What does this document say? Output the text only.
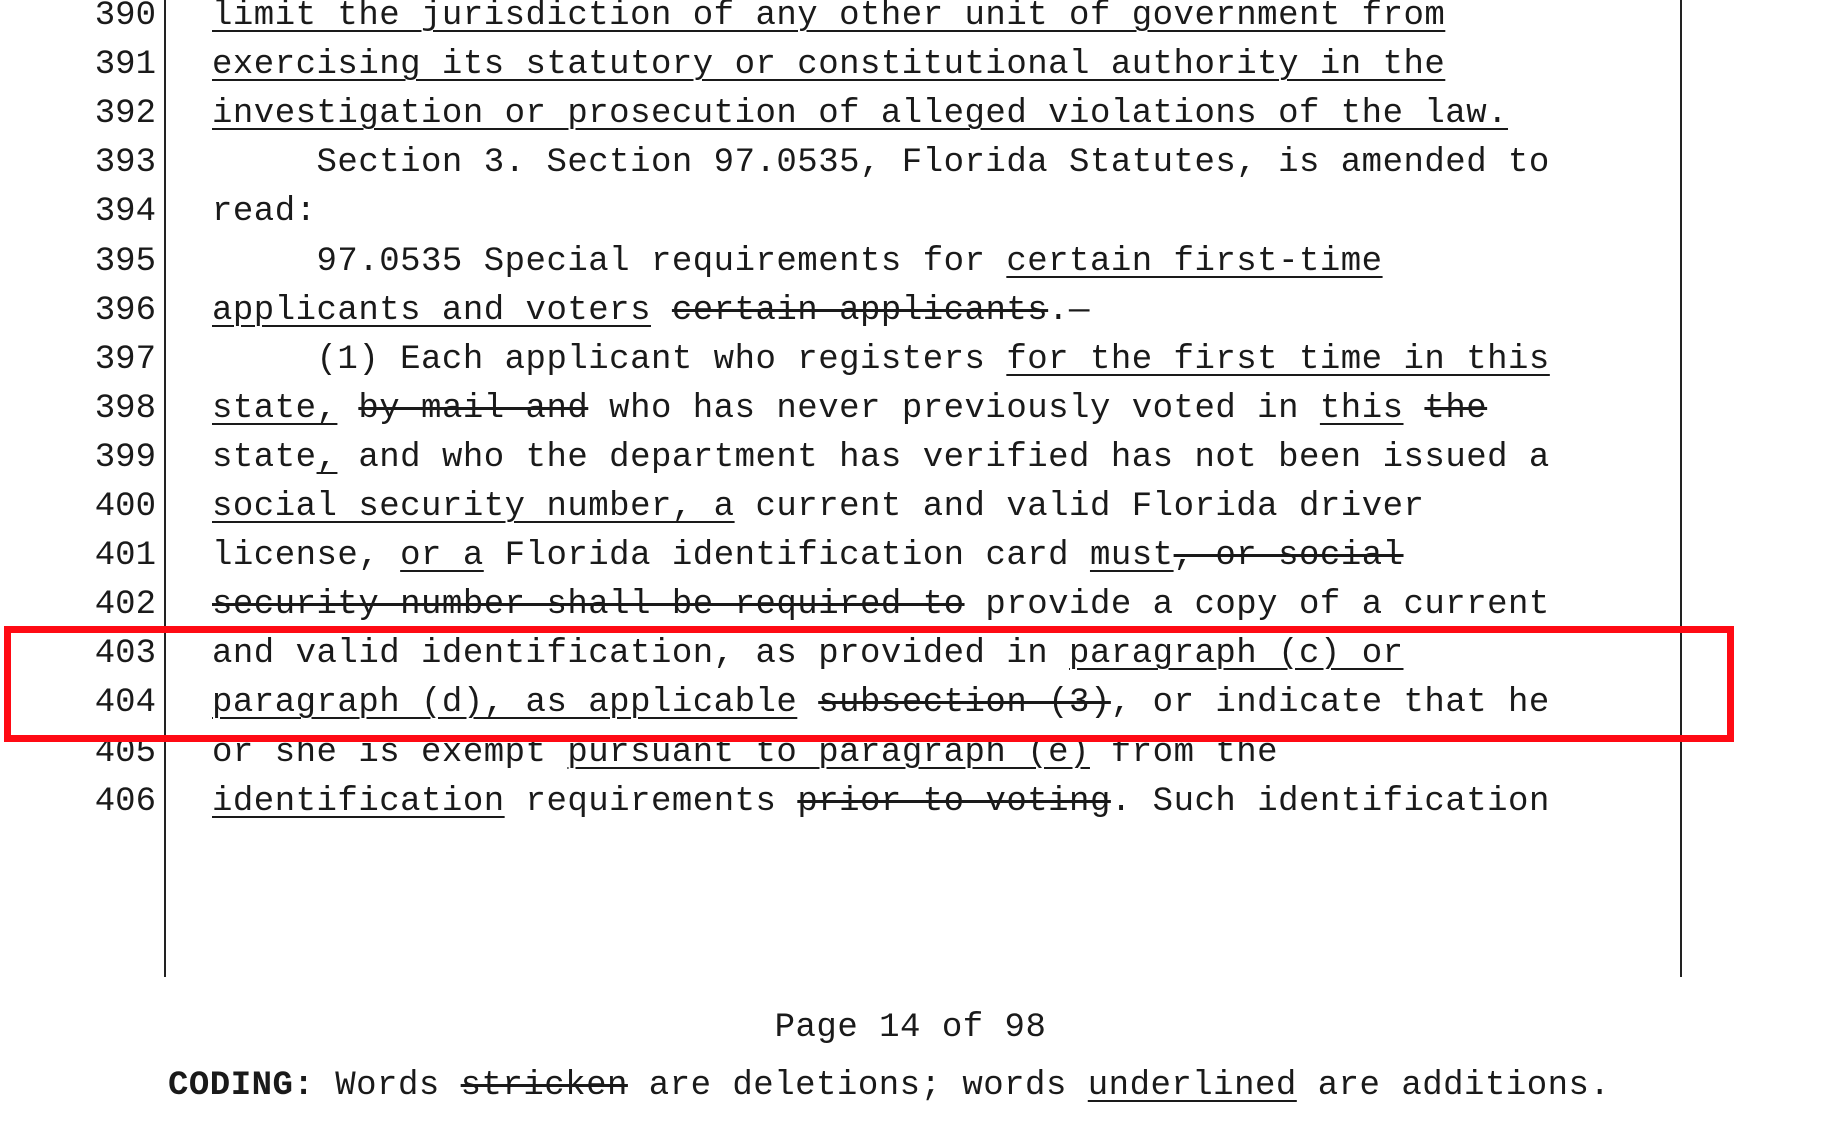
390 limit the jurisdiction of any other unit of government from
391 exercising its statutory or constitutional authority in the
392 investigation or prosecution of alleged violations of the law.
393 Section 3. Section 97.0535, Florida Statutes, is amended to
394 read:
395 97.0535 Special requirements for certain first-time
396 applicants and voters certain applicants.—
397 (1) Each applicant who registers for the first time in this
398 state, by mail and who has never previously voted in this the
399 state, and who the department has verified has not been issued a
400 social security number, a current and valid Florida driver
401 license, or a Florida identification card must, or social
402 security number shall be required to provide a copy of a current
403 and valid identification, as provided in paragraph (c) or
404 paragraph (d), as applicable subsection (3), or indicate that he
405 or she is exempt pursuant to paragraph (e) from the
406 identification requirements prior to voting. Such identification
Page 14 of 98
CODING: Words stricken are deletions; words underlined are additions.
